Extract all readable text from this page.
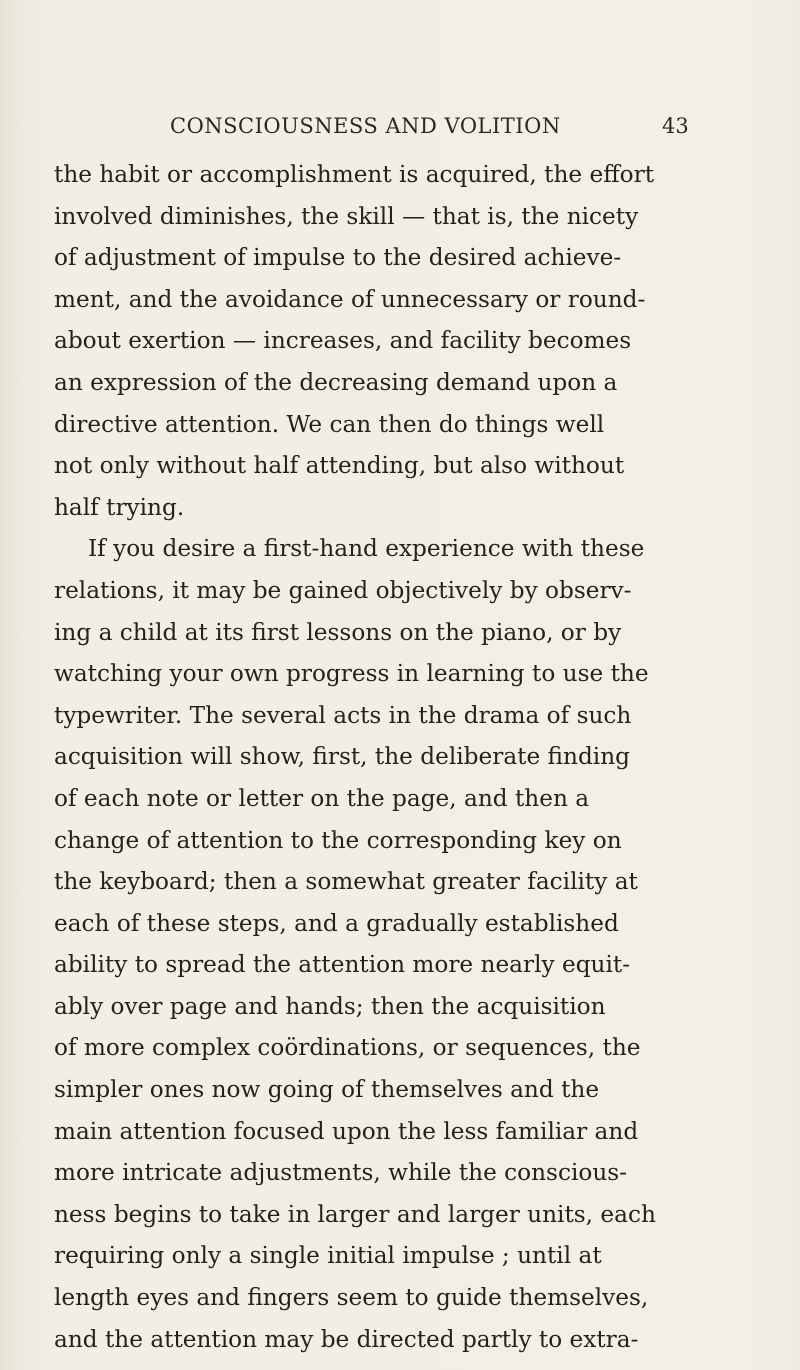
CONSCIOUSNESS AND VOLITION	43
the habit or accomplishment is acquired, the effort
involved diminishes, the skill — that is, the nicety
of adjustment of impulse to the desired achieve-
ment, and the avoidance of unnecessary or round-
about exertion — increases, and facility becomes
an expression of the decreasing demand upon a
directive attention. We can then do things well
not only without half attending, but also without
half trying.
If you desire a first-hand experience with these
relations, it may be gained objectively by observ-
ing a child at its first lessons on the piano, or by
watching your own progress in learning to use the
typewriter. The several acts in the drama of such
acquisition will show, first, the deliberate finding
of each note or letter on the page, and then a
change of attention to the corresponding key on
the keyboard; then a somewhat greater facility at
each of these steps, and a gradually established
ability to spread the attention more nearly equit-
ably over page and hands; then the acquisition
of more complex coördinations, or sequences, the
simpler ones now going of themselves and the
main attention focused upon the less familiar and
more intricate adjustments, while the conscious-
ness begins to take in larger and larger units, each
requiring only a single initial impulse ; until at
length eyes and fingers seem to guide themselves,
and the attention may be directed partly to extra-
